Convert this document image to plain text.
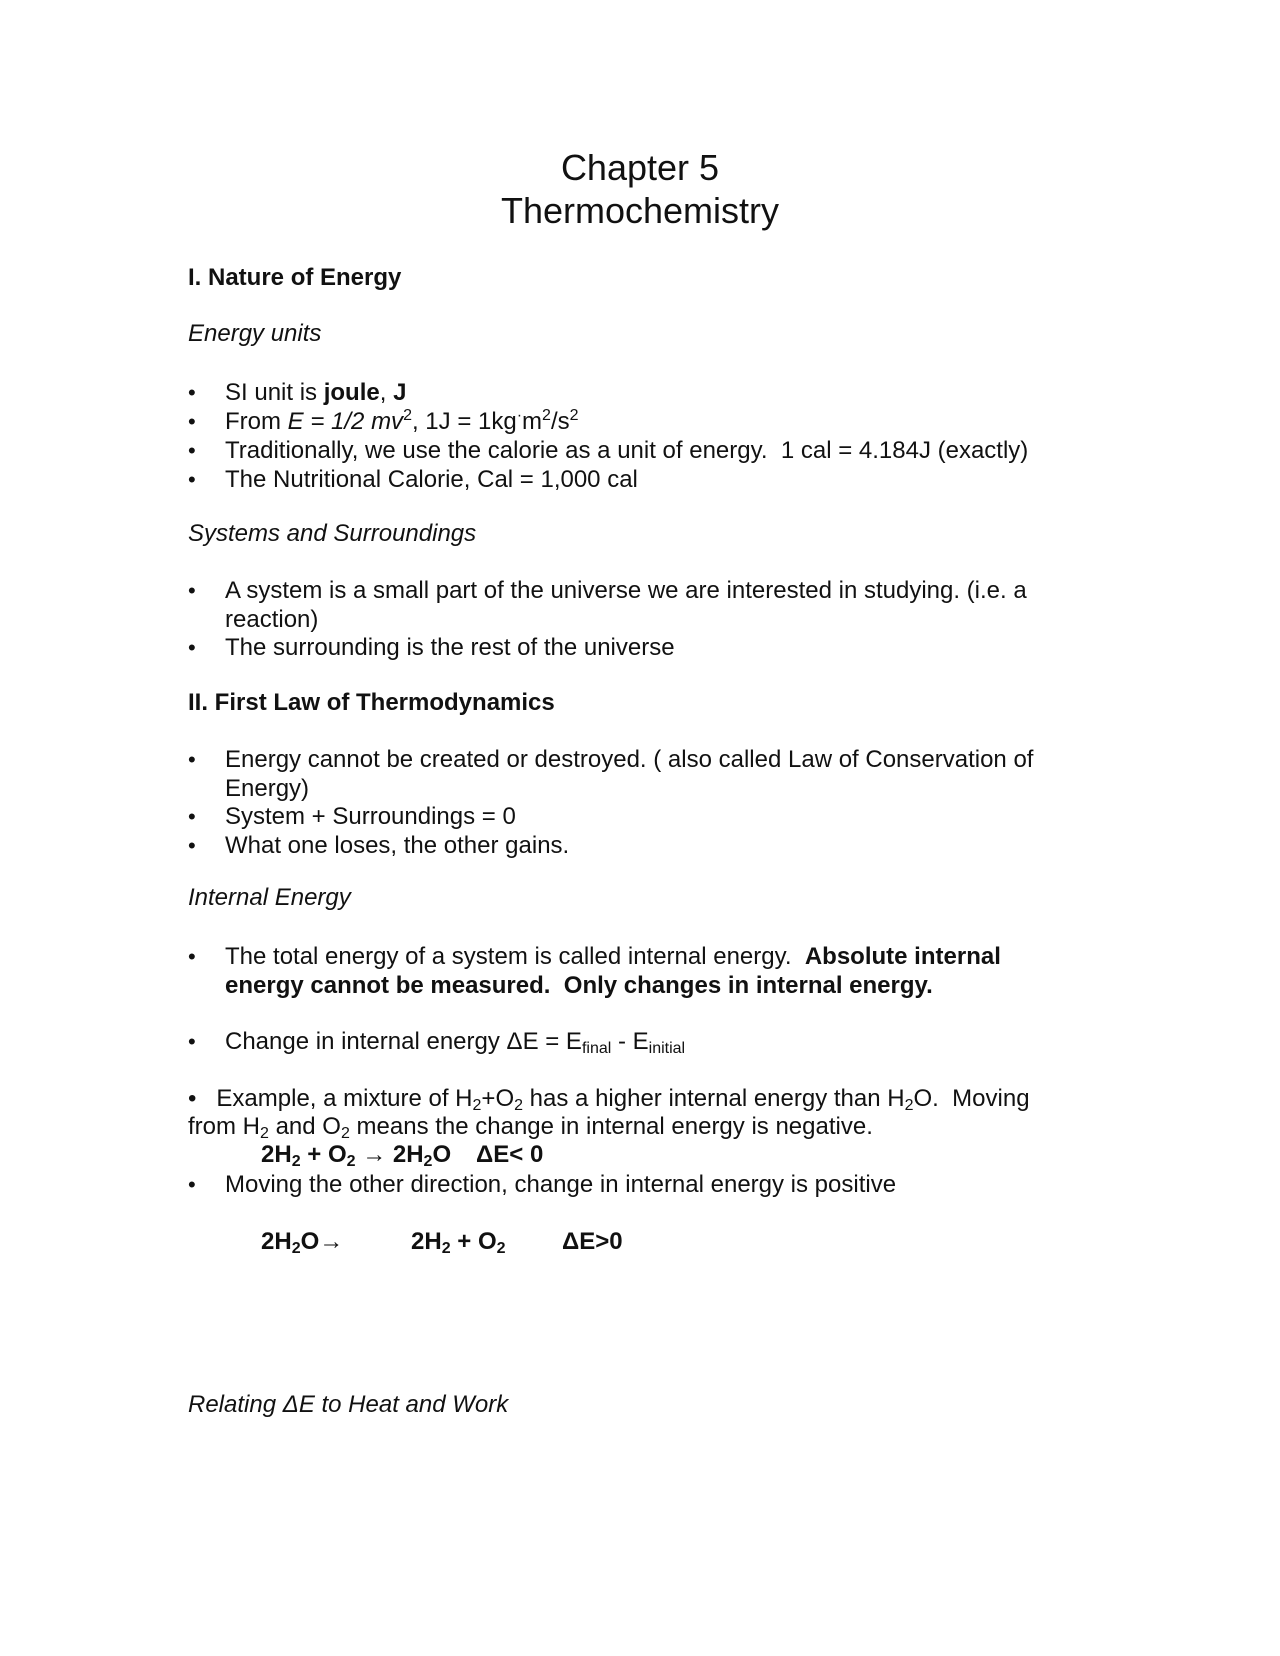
Chapter 5
Thermochemistry

I. Nature of Energy

Energy units

•	SI unit is joule, J
•	From E = 1/2 $mv^2$, $1J = 1kg^\cdot m^2/s^2$
•	Traditionally, we use the calorie as a unit of energy.  1 cal = 4.184J (exactly)
•	The Nutritional Calorie, Cal = 1,000 cal

Systems and Surroundings

•	A system is a small part of the universe we are interested in studying. (i.e. a reaction)
•	The surrounding is the rest of the universe

II. First Law of Thermodynamics

•	Energy cannot be created or destroyed. ( also called Law of Conservation of Energy)
•	System + Surroundings = 0
•	What one loses, the other gains.

Internal Energy

•	The total energy of a system is called internal energy.  Absolute internal energy cannot be measured.  Only changes in internal energy.
•	Change in internal energy $\Delta E = E_{final} - E_{initial}$
• Example, a mixture of $H_2+O_2$ has a higher internal energy than $H_2O$.  Moving
from $H_2$ and $O_2$ means the change in internal energy is negative.
$2H_2 + O_2 \to 2H_2O$ ΔE< 0
•	Moving the other direction, change in internal energy is positive
$2H_2O\to$	$2H_2 + O_2$ ΔE>0

Relating ΔE to Heat and Work
